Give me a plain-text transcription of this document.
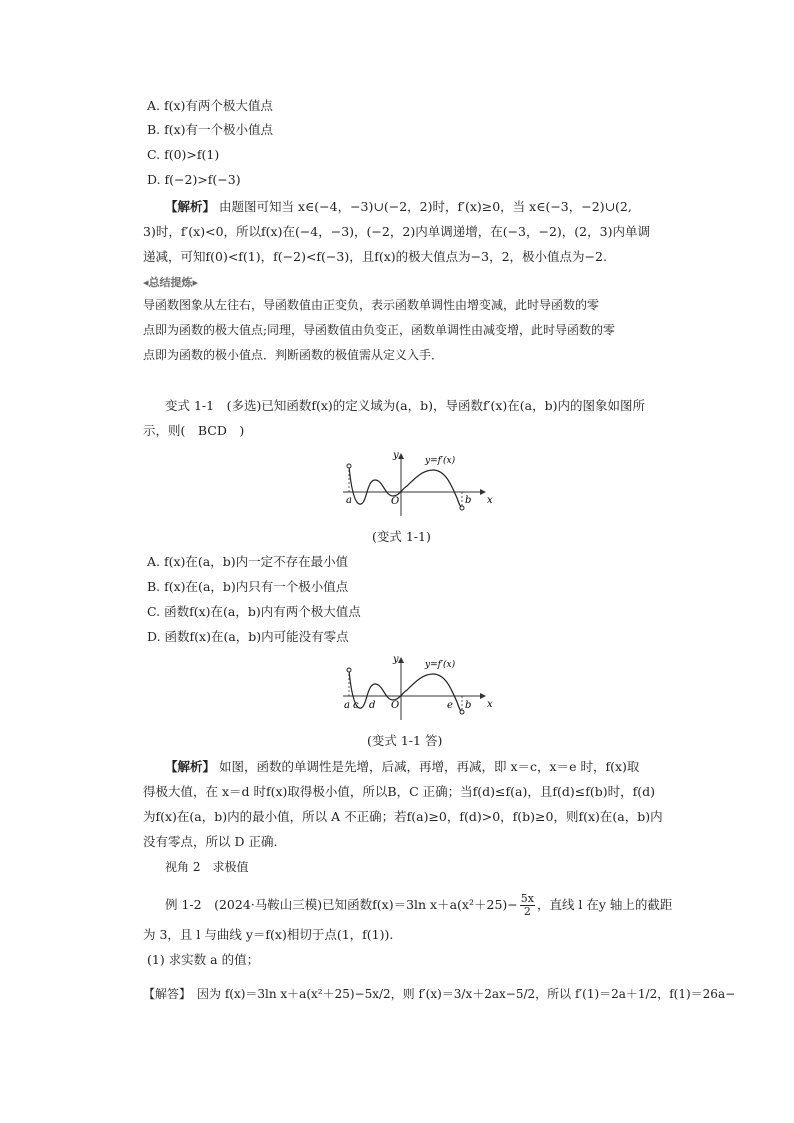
A. f(x)有两个极大值点
B. f(x)有一个极小值点
C. f(0)>f(1)
D. f(−2)>f(−3)
【解析】 由题图可知当 x∈(−4，−3)∪(−2，2)时，f′(x)≥0，当 x∈(−3，−2)∪(2,
3)时，f′(x)<0，所以f(x)在(−4，−3)，(−2，2)内单调递增，在(−3，−2)，(2，3)内单调
递减，可知f(0)<f(1)，f(−2)<f(−3)，且f(x)的极大值点为−3，2，极小值点为−2.
◂总结提炼▸
导函数图象从左往右，导函数值由正变负，表示函数单调性由增变减，此时导函数的零
点即为函数的极大值点;同理，导函数值由负变正，函数单调性由减变增，此时导函数的零
点即为函数的极小值点．判断函数的极值需从定义入手．
变式 1-1　(多选)已知函数f(x)的定义域为(a，b)，导函数f′(x)在(a，b)内的图象如图所
示，则(　BCD　)
y
x
O
y=f′(x)
a	b
(变式 1-1)
A. f(x)在(a，b)内一定不存在最小值
B. f(x)在(a，b)内只有一个极小值点
C. 函数f(x)在(a，b)内有两个极大值点
D. 函数f(x)在(a，b)内可能没有零点
y
x
O
y=f′(x)
a c d	e b
(变式 1-1 答)
【解析】 如图，函数的单调性是先增，后减，再增，再减，即 x＝c，x＝e 时，f(x)取
得极大值，在 x＝d 时f(x)取得极小值，所以B，C 正确；当f(d)≤f(a)，且f(d)≤f(b)时，f(d)
为f(x)在(a，b)内的最小值，所以 A 不正确；若f(a)≥0，f(d)>0，f(b)≥0，则f(x)在(a，b)内
没有零点，所以 D 正确.
视角 2　求极值
例 1-2　(2024·马鞍山三模)已知函数f(x)＝3ln $x+a(x^2+25)- \frac{5x}{2}$ ，直线 l 在y 轴上的截距
为 3，且 l 与曲线 y＝f(x)相切于点(1，f(1)).
(1) 求实数 a 的值；
【解答】　因为 f(x)＝3ln x＋a(x²＋25)−5x/2，则 f′(x)＝3/x＋2ax−5/2，所以 f′(1)＝2a＋1/2，f(1)＝26a−
